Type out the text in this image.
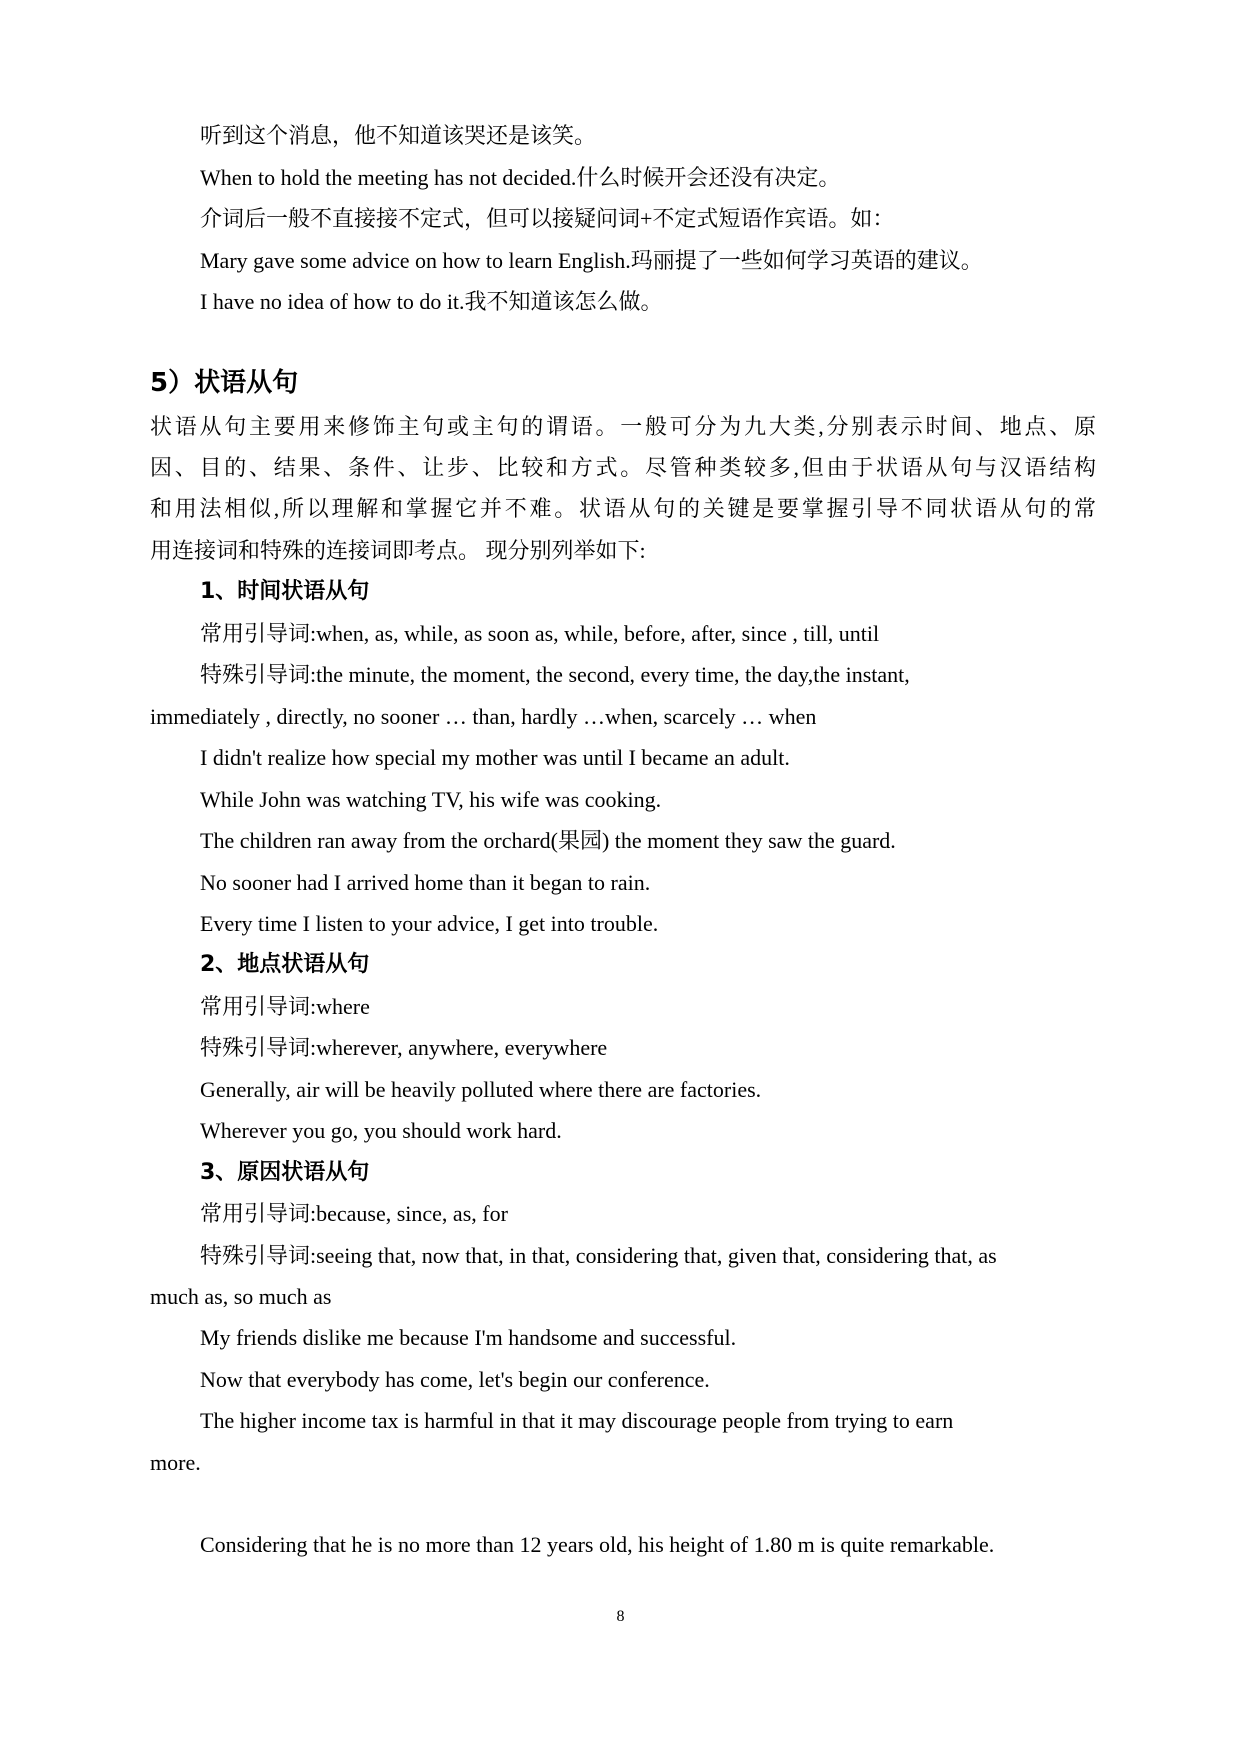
听到这个消息，他不知道该哭还是该笑。
When to hold the meeting has not decided.什么时候开会还没有决定。
介词后一般不直接接不定式，但可以接疑问词+不定式短语作宾语。如：
Mary gave some advice on how to learn English.玛丽提了一些如何学习英语的建议。
I have no idea of how to do it.我不知道该怎么做。
5）状语从句
状语从句主要用来修饰主句或主句的谓语。一般可分为九大类,分别表示时间、地点、原
因、目的、结果、条件、让步、比较和方式。尽管种类较多,但由于状语从句与汉语结构
和用法相似,所以理解和掌握它并不难。状语从句的关键是要掌握引导不同状语从句的常
用连接词和特殊的连接词即考点。 现分别列举如下:
1、时间状语从句
常用引导词:when, as, while, as soon as, while, before, after, since , till, until
特殊引导词:the minute, the moment, the second, every time, the day,the instant,
immediately , directly, no sooner … than, hardly …when, scarcely … when
I didn't realize how special my mother was until I became an adult.
While John was watching TV, his wife was cooking.
The children ran away from the orchard(果园) the moment they saw the guard.
No sooner had I arrived home than it began to rain.
Every time I listen to your advice, I get into trouble.
2、地点状语从句
常用引导词:where
特殊引导词:wherever, anywhere, everywhere
Generally, air will be heavily polluted where there are factories.
Wherever you go, you should work hard.
3、原因状语从句
常用引导词:because, since, as, for
特殊引导词:seeing that, now that, in that, considering that, given that, considering that, as
much as, so much as
My friends dislike me because I'm handsome and successful.
Now that everybody has come, let's begin our conference.
The higher income tax is harmful in that it may discourage people from trying to earn
more.
Considering that he is no more than 12 years old, his height of 1.80 m is quite remarkable.
8
